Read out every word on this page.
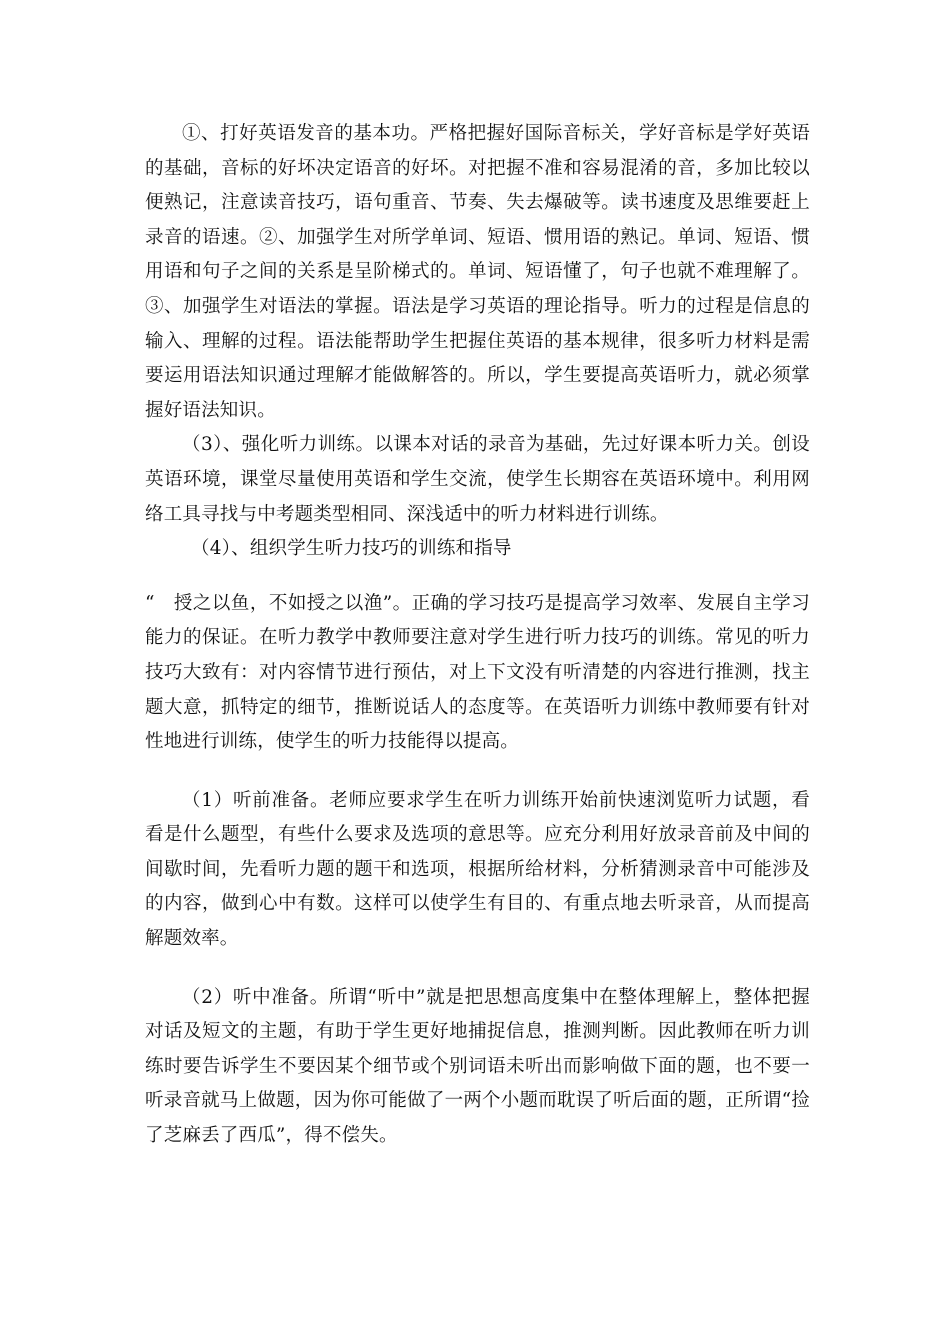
①、打好英语发音的基本功。严格把握好国际音标关，学好音标是学好英语的基础，音标的好坏决定语音的好坏。对把握不准和容易混淆的音，多加比较以便熟记，注意读音技巧，语句重音、节奏、失去爆破等。读书速度及思维要赶上录音的语速。②、加强学生对所学单词、短语、惯用语的熟记。单词、短语、惯用语和句子之间的关系是呈阶梯式的。单词、短语懂了，句子也就不难理解了。③、加强学生对语法的掌握。语法是学习英语的理论指导。听力的过程是信息的输入、理解的过程。语法能帮助学生把握住英语的基本规律，很多听力材料是需要运用语法知识通过理解才能做解答的。所以，学生要提高英语听力，就必须掌握好语法知识。

（3）、强化听力训练。以课本对话的录音为基础，先过好课本听力关。创设英语环境，课堂尽量使用英语和学生交流，使学生长期容在英语环境中。利用网络工具寻找与中考题类型相同、深浅适中的听力材料进行训练。

（4）、组织学生听力技巧的训练和指导

“　授之以鱼，不如授之以渔”。正确的学习技巧是提高学习效率、发展自主学习能力的保证。在听力教学中教师要注意对学生进行听力技巧的训练。常见的听力技巧大致有：对内容情节进行预估，对上下文没有听清楚的内容进行推测，找主题大意，抓特定的细节，推断说话人的态度等。在英语听力训练中教师要有针对性地进行训练，使学生的听力技能得以提高。

（1）听前准备。老师应要求学生在听力训练开始前快速浏览听力试题，看看是什么题型，有些什么要求及选项的意思等。应充分利用好放录音前及中间的间歇时间，先看听力题的题干和选项，根据所给材料，分析猜测录音中可能涉及的内容，做到心中有数。这样可以使学生有目的、有重点地去听录音，从而提高解题效率。

（2）听中准备。所谓“听中”就是把思想高度集中在整体理解上，整体把握对话及短文的主题，有助于学生更好地捕捉信息，推测判断。因此教师在听力训练时要告诉学生不要因某个细节或个别词语未听出而影响做下面的题，也不要一听录音就马上做题，因为你可能做了一两个小题而耽误了听后面的题，正所谓“捡了芝麻丢了西瓜”，得不偿失。
